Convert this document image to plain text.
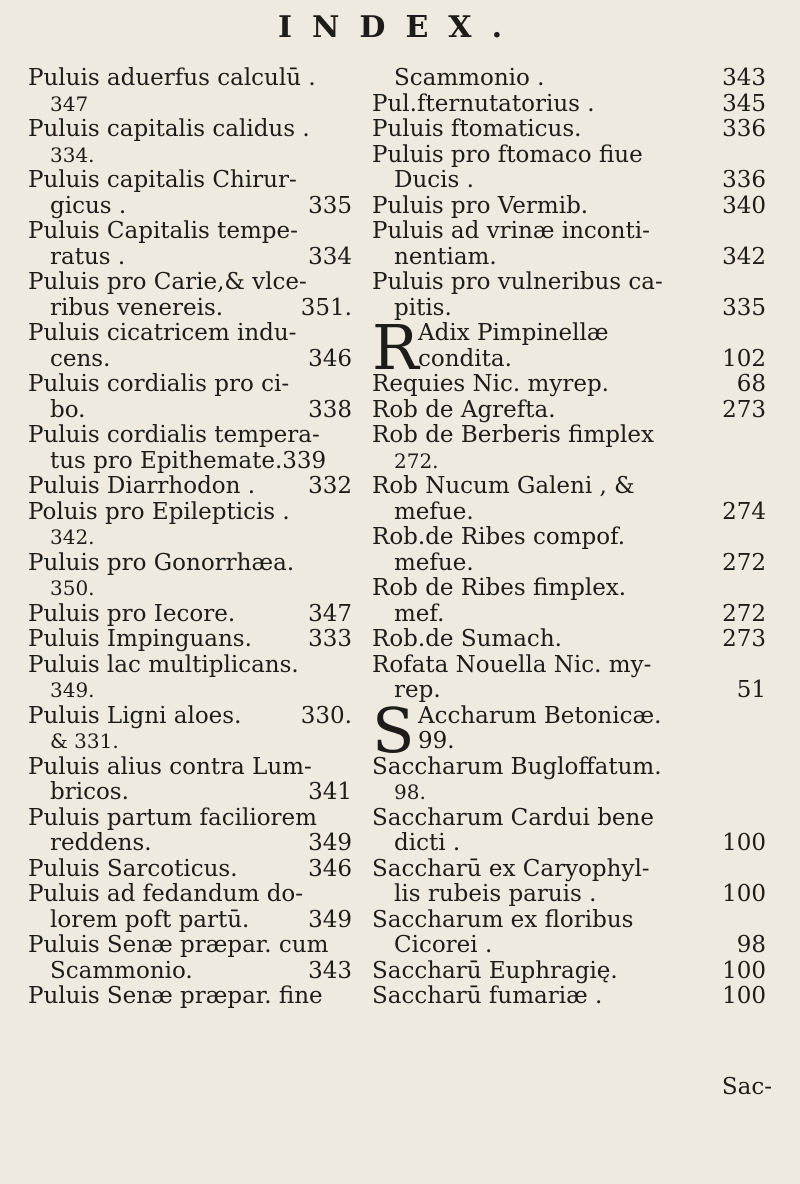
INDEX.
Puluis aduerfus calculū .
347
Puluis capitalis calidus .
334.
Puluis capitalis Chirur-
gicus .	335
Puluis Capitalis tempe-
ratus .	334
Puluis pro Carie,& vlce-
ribus venereis.	351.
Puluis cicatricem indu-
cens.	346
Puluis cordialis pro ci-
bo.	338
Puluis cordialis tempera-
tus pro Epithemate.339
Puluis Diarrhodon . 332
Poluis pro Epilepticis .
342.
Puluis pro Gonorrhæa.
350.
Puluis pro Iecore.	347
Puluis Impinguans. 333
Puluis lac multiplicans.
349.
Puluis Ligni aloes.	330.
& 331.
Puluis alius contra Lum-
bricos.	341
Puluis partum faciliorem
reddens.	349
Puluis Sarcoticus.	346
Puluis ad fedandum do-
lorem poft partū.	349
Puluis Senæ præpar. cum
Scammonio.	343
Puluis Senæ præpar. fine
Scammonio .	343
Pul.fternutatorius .	345
Puluis ftomaticus.	336
Puluis pro ftomaco fiue
Ducis .	336
Puluis pro Vermib.	340
Puluis ad vrinæ inconti-
nentiam.	342
Puluis pro vulneribus ca-
pitis.	335
R Adix Pimpinellæ
condita.	102
Requies Nic. myrep.	68
Rob de Agrefta.	273
Rob de Berberis fimplex
272.
Rob Nucum Galeni , &
mefue.	274
Rob.de Ribes compof.
mefue.	272
Rob de Ribes fimplex.
mef.	272
Rob.de Sumach.	273
Rofata Nouella Nic. my-
rep.	51
S Accharum Betonicæ.
99.
Saccharum Bugloffatum.
98.
Saccharum Cardui bene
dicti .	100
Saccharū ex Caryophyl-
lis rubeis paruis .	100
Saccharum ex floribus
Cicorei .	98
Saccharū Euphragię.	100
Saccharū fumariæ .	100
Sac-
